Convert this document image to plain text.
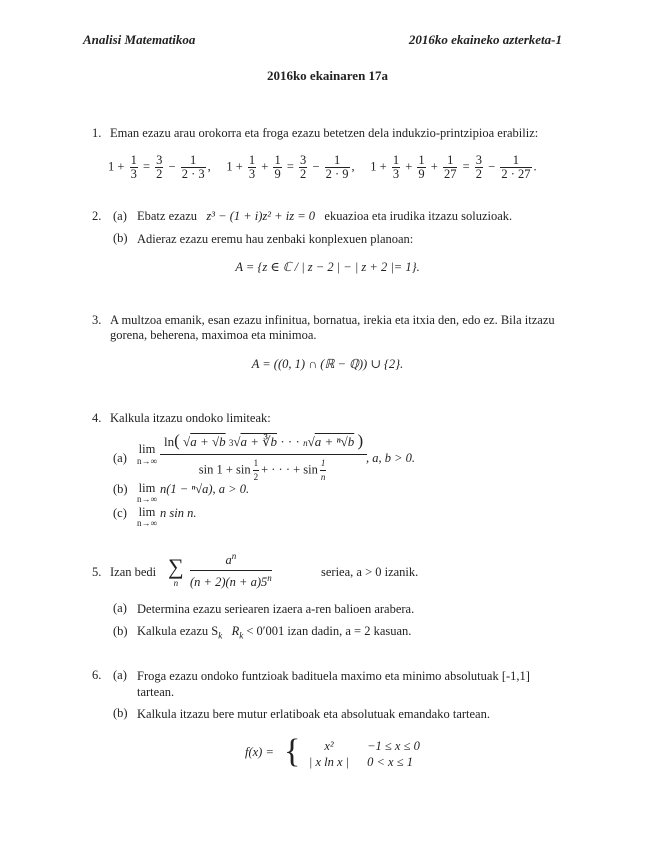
Analisi Matematikoa	2016ko ekaineko azterketa-1
2016ko ekainaren 17a
1. Eman ezazu arau orokorra eta froga ezazu betetzen dela indukzio-printzipioa erabiliz:
$1 + \frac{1}{3} = \frac{3}{2} - \frac{1}{2 \cdot 3}$ , $1 + \frac{1}{3} + \frac{1}{9} = \frac{3}{2} - \frac{1}{2 \cdot 9}$ , $1 + \frac{1}{3} + \frac{1}{9} + \frac{1}{27} = \frac{3}{2} - \frac{1}{2 \cdot 27}$ .
2. (a) Ebatz ezazu z³ − (1 + i)z² + iz = 0 ekuazioa eta irudika itzazu soluzioak.
(b) Adieraz ezazu eremu hau zenbaki konplexuen planoan:
A = {z ∈ ℂ / | z − 2 | − | z + 2 |= 1}.
3. A multzoa emanik, esan ezazu infinitua, bornatua, irekia eta itxia den, edo ez. Bila itzazu gorena, beherena, maximoa eta minimoa.
A = ((0, 1) ∩ (ℝ − ℚ)) ∪ {2}.
4. Kalkula itzazu ondoko limiteak:
(a)
lim
n→∞
ln( √a + √b 3√a + ∛b · · · n√a + ⁿ√b )
$\sin 1 + \sin \frac{1}{2}$ + · · · + $\sin \frac{1}{n}$	, a, b > 0.
(b) lim
n→∞
n(1 − ⁿ√a), a > 0.
(c) lim
n→∞
n sin n.
5. Izan bedi ∑
n
$a^n$
$(n + 2)(n + a)5^n$	seriea, a > 0 izanik.
(a) Determina ezazu seriearen izaera a-ren balioen arabera.
(b) Kalkula ezazu $S_k$ $R_k < 0'001$ izan dadin, a = 2 kasuan.
6. (a) Froga ezazu ondoko funtzioak badituela maximo eta minimo absolutuak [-1,1] tartean.
(b) Kalkula itzazu bere mutur erlatiboak eta absolutuak emandako tartean.
f(x) = {	x²	−1 ≤ x ≤ 0
| x ln x | 0 < x ≤ 1
